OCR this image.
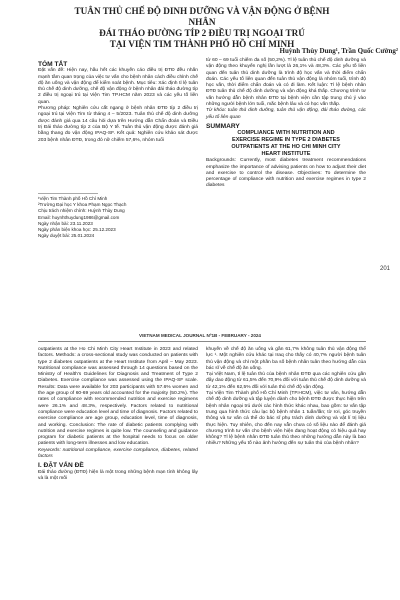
TUÂN THỦ CHẾ ĐỘ DINH DƯỠNG VÀ VẬN ĐỘNG Ở BỆNH NHÂN
ĐÁI THÁO ĐƯỜNG TÍP 2 ĐIỀU TRỊ NGOẠI TRÚ
TẠI VIỆN TIM THÀNH PHỐ HỒ CHÍ MINH
Huỳnh Thùy Dung¹, Trần Quốc Cường²

TÓM TẮT

Đặt vấn đề: Hiện nay, hầu hết các khuyến cáo điều trị ĐTĐ đều nhấn mạnh tầm quan trọng của việc tư vấn cho bệnh nhân cách điều chỉnh chế độ ăn uống và vận động để kiểm soát bệnh. Mục tiêu: Xác định tỉ lệ tuân thủ chế độ dinh dưỡng, chế độ vận động ở bệnh nhân đái tháo đường típ 2 điều trị ngoại trú tại Viện Tim TP.HCM năm 2023 và các yếu tố liên quan.

Phương pháp: Nghiên cứu cắt ngang ở bệnh nhân ĐTĐ típ 2 điều trị ngoại trú tại Viện Tim từ tháng 4 – 5/2023. Tuân thủ chế độ dinh dưỡng được đánh giá qua 14 câu hỏi dựa trên Hướng dẫn Chẩn đoán và Điều trị Đái tháo đường típ 2 của Bộ Y tế. Tuân thủ vận động được đánh giá bằng thang đo vận động IPAQ-SF. Kết quả: Nghiên cứu khảo sát được 203 bệnh nhân ĐTĐ, trong đó nữ chiếm 57,6%, nhóm tuổi

¹Viện Tim Thành phố Hồ Chí Minh
²Trường Đại học Y khoa Phạm Ngọc Thạch
Chịu trách nhiệm chính: Huỳnh Thùy Dung
Email: huynhthuydung1986@gmail.com
Ngày nhận bài: 23.11.2023
Ngày phản biện khoa học: 25.12.2023
Ngày duyệt bài: 25.01.2024

từ 60 – 69 tuổi chiếm đa số (50,2%). Tỉ lệ tuân thủ chế độ dinh dưỡng và vận động theo khuyến nghị lần lượt là 26,1% và 48,3%. Các yếu tố liên quan đến tuân thủ dinh dưỡng là trình độ học vấn và thời điểm chẩn đoán. Các yếu tố liên quan đến tuân thủ vận động là nhóm tuổi, trình độ học vấn, thời điểm chẩn đoán và có đi làm. Kết luận: Tỉ lệ bệnh nhân ĐTĐ tuân thủ chế độ dinh dưỡng và vận động khá thấp. Chương trình tư vấn hướng dẫn bệnh nhân ĐTĐ tại bệnh viện cần tập trung chú ý vào những người bệnh lớn tuổi, mắc bệnh lâu và có học vấn thấp.

Từ khóa: tuân thủ dinh dưỡng, tuân thủ vận động, đái tháo đường, các yếu tố liên quan

SUMMARY

COMPLIANCE WITH NUTRITION AND
EXERCISE REGIME IN TYPE 2 DIABETES
OUTPATIENTS AT THE HO CHI MINH CITY
HEART INSTITUTE

Backgrounds: Currently, most diabetes treatment recommendations emphasize the importance of advising patients on how to adjust their diet and exercise to control the disease. Objectives: To determine the percentage of compliance with nutrition and exercise regimes in type 2 diabetes

201
VIETNAM MEDICAL JOURNAL Nº1B - FEBRUARY - 2024

outpatients at the Ho Chi Minh City Heart Institute in 2023 and related factors. Methods: a cross-sectional study was conducted on patients with type 2 diabetes outpatients at the Heart Institute from April – May 2023. Nutritional compliance was assessed through 14 questions based on the Ministry of Health's Guidelines for Diagnosis and Treatment of Type 2 Diabetes. Exercise compliance was assessed using the IPAQ-SF scale. Results: Data were available for 203 participants with 57.6% women and the age group of 60-69 years old accounted for the majority (50.2%). The rates of compliance with recommended nutrition and exercise regimens were 26.1% and 48.3%, respectively. Factors related to nutritional compliance were education level and time of diagnosis. Factors related to exercise compliance are age group, education level, time of diagnosis, and working. Conclusion: The rate of diabetic patients complying with nutrition and exercise regimes is quite low. The counseling and guidance program for diabetic patients at the hospital needs to focus on older patients with long-term illnesses and low education.

Keywords: nutritional compliance, exercise compliance, diabetes, related factors

I. ĐẶT VẤN ĐỀ

Đái tháo đường (ĐTĐ) hiện là một trong những bệnh mạn tính không lây và là một mối

khuyến về chế độ ăn uống và gần 61,7% không tuân thủ vận động thể lực ¹. Một nghiên cứu khác tại Iraq cho thấy có 40,7% người bệnh tuân thủ vận động và chỉ một phần ba số bệnh nhân tuân theo hướng dẫn của bác sĩ về chế độ ăn uống.

Tại Việt Nam, tỉ lệ tuân thủ của bệnh nhân ĐTĐ qua các nghiên cứu gần đây dao động từ 61,5% đến 70,9% đối với tuân thủ chế độ dinh dưỡng và từ 42,1% đến 62,5% đối với tuân thủ chế độ vận động.

Tại Viện Tim Thành phố Hồ Chí Minh (TP.HCM), việc tư vấn, hướng dẫn chế độ dinh dưỡng và tập luyện dành cho bệnh ĐTĐ được thực hiện trên bệnh nhân ngoại trú dưới các hình thức khác nhau, bao gồm: tư vấn tập trung qua hình thức câu lạc bộ bệnh nhân 1 tuần/lần; tờ rơi, góc truyền thông và tư vấn cá thể do bác sĩ phụ trách dinh dưỡng và vật lí trị liệu thực hiện. Tuy nhiên, cho đến nay vẫn chưa có số liệu nào để đánh giá chương trình tư vấn cho bệnh viện hiện đang hoạt động có hiệu quả hay không? Tỉ lệ bệnh nhân ĐTĐ tuân thủ theo những hướng dẫn này là bao nhiêu? Những yếu tố nào ảnh hưởng đến sự tuân thủ của bệnh nhân?
